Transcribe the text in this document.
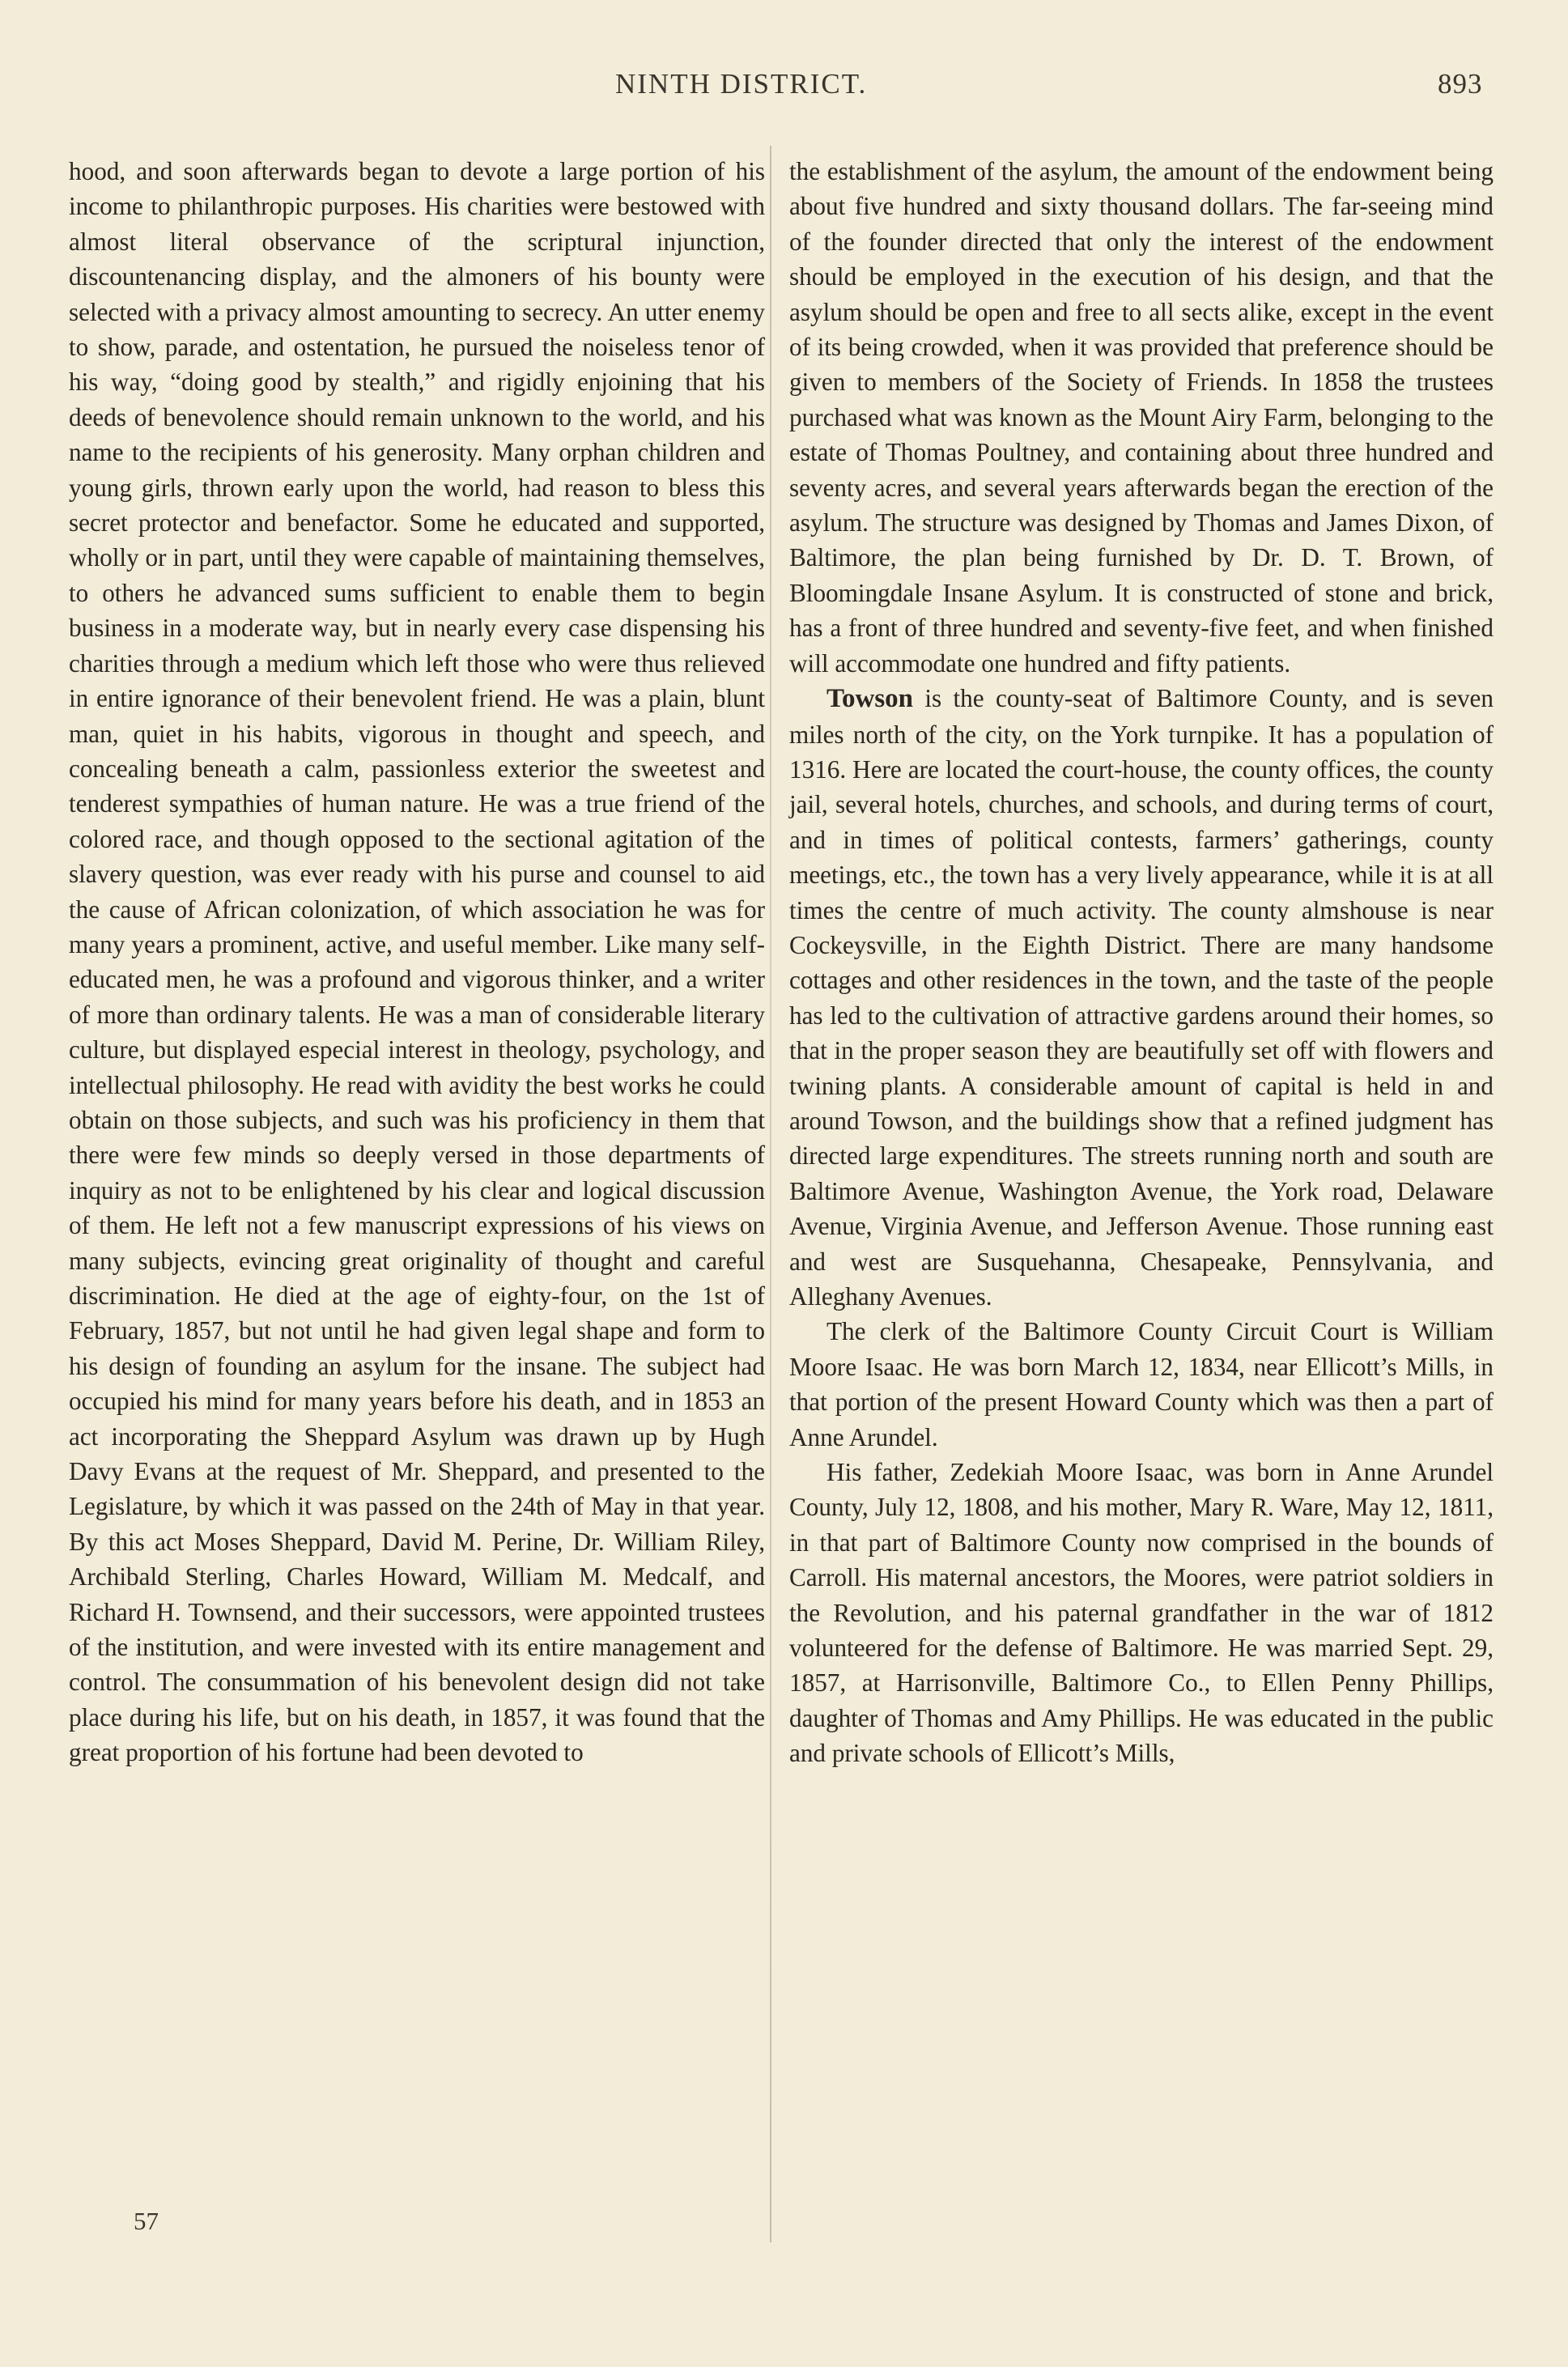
NINTH DISTRICT.	893

hood, and soon afterwards began to devote a large portion of his income to philanthropic purposes. His charities were bestowed with almost literal observance of the scriptural injunction, discountenancing display, and the almoners of his bounty were selected with a privacy almost amounting to secrecy. An utter enemy to show, parade, and ostentation, he pursued the noiseless tenor of his way, “doing good by stealth,” and rigidly enjoining that his deeds of benevolence should remain unknown to the world, and his name to the recipients of his generosity. Many orphan children and young girls, thrown early upon the world, had reason to bless this secret protector and benefactor. Some he educated and supported, wholly or in part, until they were capable of maintaining themselves, to others he advanced sums sufficient to enable them to begin business in a moderate way, but in nearly every case dispensing his charities through a medium which left those who were thus relieved in entire ignorance of their benevolent friend. He was a plain, blunt man, quiet in his habits, vigorous in thought and speech, and concealing beneath a calm, passionless exterior the sweetest and tenderest sympathies of human nature. He was a true friend of the colored race, and though opposed to the sectional agitation of the slavery question, was ever ready with his purse and counsel to aid the cause of African colonization, of which association he was for many years a prominent, active, and useful member. Like many self-educated men, he was a profound and vigorous thinker, and a writer of more than ordinary talents. He was a man of considerable literary culture, but displayed especial interest in theology, psychology, and intellectual philosophy. He read with avidity the best works he could obtain on those subjects, and such was his proficiency in them that there were few minds so deeply versed in those departments of inquiry as not to be enlightened by his clear and logical discussion of them. He left not a few manuscript expressions of his views on many subjects, evincing great originality of thought and careful discrimination. He died at the age of eighty-four, on the 1st of February, 1857, but not until he had given legal shape and form to his design of founding an asylum for the insane. The subject had occupied his mind for many years before his death, and in 1853 an act incorporating the Sheppard Asylum was drawn up by Hugh Davy Evans at the request of Mr. Sheppard, and presented to the Legislature, by which it was passed on the 24th of May in that year. By this act Moses Sheppard, David M. Perine, Dr. William Riley, Archibald Sterling, Charles Howard, William M. Medcalf, and Richard H. Townsend, and their successors, were appointed trustees of the institution, and were invested with its entire management and control. The consummation of his benevolent design did not take place during his life, but on his death, in 1857, it was found that the great proportion of his fortune had been devoted to

the establishment of the asylum, the amount of the endowment being about five hundred and sixty thousand dollars. The far-seeing mind of the founder directed that only the interest of the endowment should be employed in the execution of his design, and that the asylum should be open and free to all sects alike, except in the event of its being crowded, when it was provided that preference should be given to members of the Society of Friends. In 1858 the trustees purchased what was known as the Mount Airy Farm, belonging to the estate of Thomas Poultney, and containing about three hundred and seventy acres, and several years afterwards began the erection of the asylum. The structure was designed by Thomas and James Dixon, of Baltimore, the plan being furnished by Dr. D. T. Brown, of Bloomingdale Insane Asylum. It is constructed of stone and brick, has a front of three hundred and seventy-five feet, and when finished will accommodate one hundred and fifty patients.

Towson is the county-seat of Baltimore County, and is seven miles north of the city, on the York turnpike. It has a population of 1316. Here are located the court-house, the county offices, the county jail, several hotels, churches, and schools, and during terms of court, and in times of political contests, farmers’ gatherings, county meetings, etc., the town has a very lively appearance, while it is at all times the centre of much activity. The county almshouse is near Cockeysville, in the Eighth District. There are many handsome cottages and other residences in the town, and the taste of the people has led to the cultivation of attractive gardens around their homes, so that in the proper season they are beautifully set off with flowers and twining plants. A considerable amount of capital is held in and around Towson, and the buildings show that a refined judgment has directed large expenditures. The streets running north and south are Baltimore Avenue, Washington Avenue, the York road, Delaware Avenue, Virginia Avenue, and Jefferson Avenue. Those running east and west are Susquehanna, Chesapeake, Pennsylvania, and Alleghany Avenues.

The clerk of the Baltimore County Circuit Court is William Moore Isaac. He was born March 12, 1834, near Ellicott’s Mills, in that portion of the present Howard County which was then a part of Anne Arundel.

His father, Zedekiah Moore Isaac, was born in Anne Arundel County, July 12, 1808, and his mother, Mary R. Ware, May 12, 1811, in that part of Baltimore County now comprised in the bounds of Carroll. His maternal ancestors, the Moores, were patriot soldiers in the Revolution, and his paternal grandfather in the war of 1812 volunteered for the defense of Baltimore. He was married Sept. 29, 1857, at Harrisonville, Baltimore Co., to Ellen Penny Phillips, daughter of Thomas and Amy Phillips. He was educated in the public and private schools of Ellicott’s Mills,

57
